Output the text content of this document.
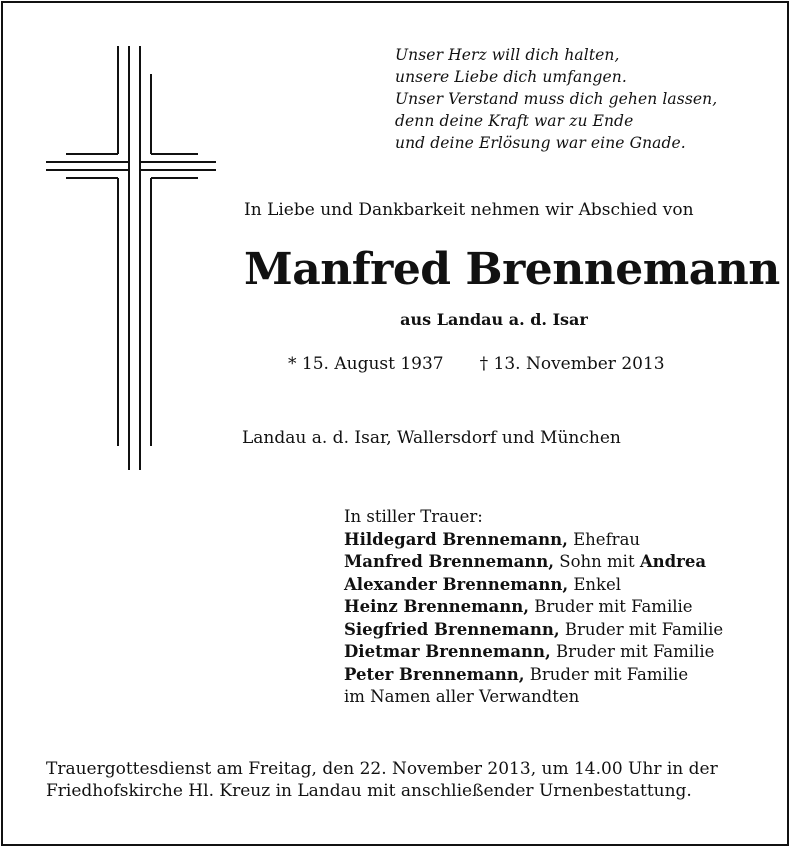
Unser Herz will dich halten,
unsere Liebe dich umfangen.
Unser Verstand muss dich gehen lassen,
denn deine Kraft war zu Ende
und deine Erlösung war eine Gnade.
In Liebe und Dankbarkeit nehmen wir Abschied von
Manfred Brennemann
aus Landau a. d. Isar
* 15. August 1937 † 13. November 2013
Landau a. d. Isar, Wallersdorf und München
In stiller Trauer:
Hildegard Brennemann, Ehefrau
Manfred Brennemann, Sohn mit Andrea
Alexander Brennemann, Enkel
Heinz Brennemann, Bruder mit Familie
Siegfried Brennemann, Bruder mit Familie
Dietmar Brennemann, Bruder mit Familie
Peter Brennemann, Bruder mit Familie
im Namen aller Verwandten
Trauergottesdienst am Freitag, den 22. November 2013, um 14.00 Uhr in der
Friedhofskirche Hl. Kreuz in Landau mit anschließender Urnenbestattung.
